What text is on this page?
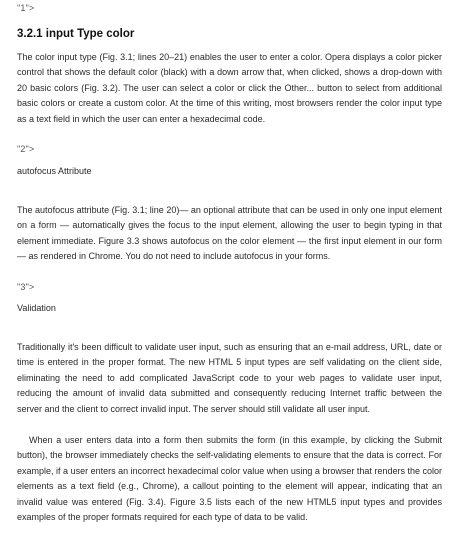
"1">
3.2.1 input Type color
The color input type (Fig. 3.1; lines 20–21) enables the user to enter a color. Opera displays a color picker control that shows the default color (black) with a down arrow that, when clicked, shows a drop-down with 20 basic colors (Fig. 3.2). The user can select a color or click the Other... button to select from additional basic colors or create a custom color. At the time of this writing, most browsers render the color input type as a text field in which the user can enter a hexadecimal code.
"2">
autofocus Attribute
The autofocus attribute (Fig. 3.1; line 20)— an optional attribute that can be used in only one input element on a form — automatically gives the focus to the input element, allowing the user to begin typing in that element immediate. Figure 3.3 shows autofocus on the color element — the first input element in our form — as rendered in Chrome. You do not need to include autofocus in your forms.
"3">
Validation
Traditionally it's been difficult to validate user input, such as ensuring that an e-mail address, URL, date or time is entered in the proper format. The new HTML 5 input types are self validating on the client side, eliminating the need to add complicated JavaScript code to your web pages to validate user input, reducing the amount of invalid data submitted and consequently reducing Internet traffic between the server and the client to correct invalid input. The server should still validate all user input.
When a user enters data into a form then submits the form (in this example, by clicking the Submit button), the browser immediately checks the self-validating elements to ensure that the data is correct. For example, if a user enters an incorrect hexadecimal color value when using a browser that renders the color elements as a text field (e.g., Chrome), a callout pointing to the element will appear, indicating that an invalid value was entered (Fig. 3.4). Figure 3.5 lists each of the new HTML5 input types and provides examples of the proper formats required for each type of data to be valid.
